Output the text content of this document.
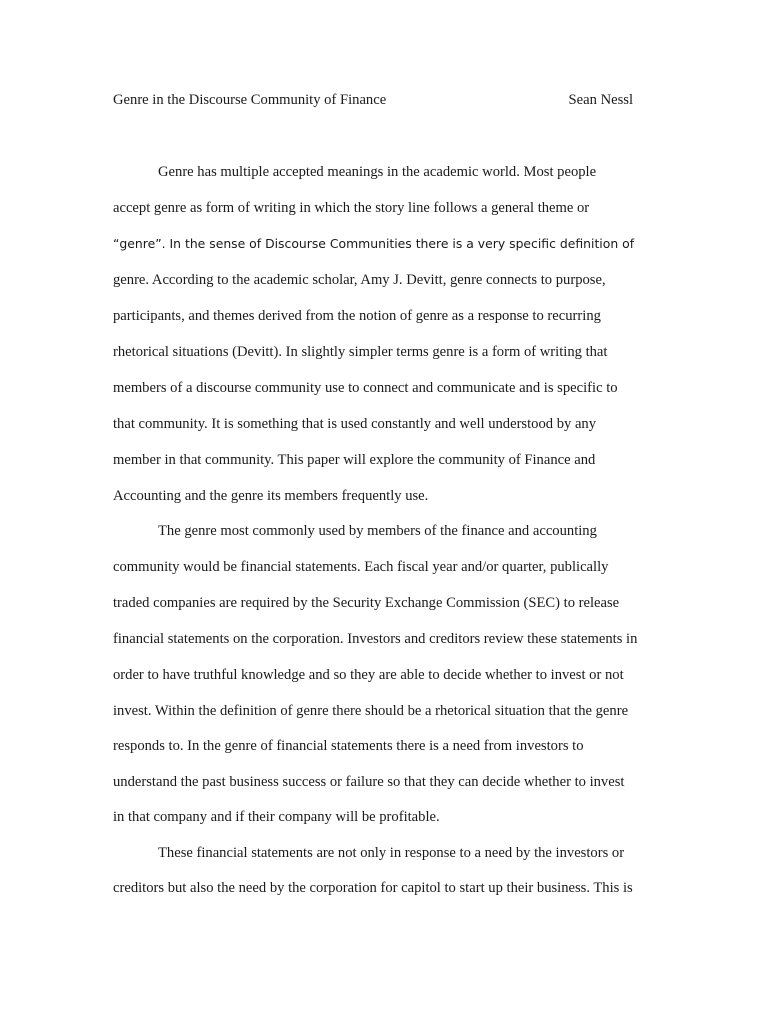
Genre in the Discourse Community of Finance	Sean Nessl
Genre has multiple accepted meanings in the academic world. Most people
accept genre as form of writing in which the story line follows a general theme or
“genre”. In the sense of Discourse Communities there is a very specific definition of
genre. According to the academic scholar, Amy J. Devitt, genre connects to purpose,
participants, and themes derived from the notion of genre as a response to recurring
rhetorical situations (Devitt). In slightly simpler terms genre is a form of writing that
members of a discourse community use to connect and communicate and is specific to
that community. It is something that is used constantly and well understood by any
member in that community. This paper will explore the community of Finance and
Accounting and the genre its members frequently use.
The genre most commonly used by members of the finance and accounting
community would be financial statements. Each fiscal year and/or quarter, publically
traded companies are required by the Security Exchange Commission (SEC) to release
financial statements on the corporation. Investors and creditors review these statements in
order to have truthful knowledge and so they are able to decide whether to invest or not
invest. Within the definition of genre there should be a rhetorical situation that the genre
responds to. In the genre of financial statements there is a need from investors to
understand the past business success or failure so that they can decide whether to invest
in that company and if their company will be profitable.
These financial statements are not only in response to a need by the investors or
creditors but also the need by the corporation for capitol to start up their business. This is
